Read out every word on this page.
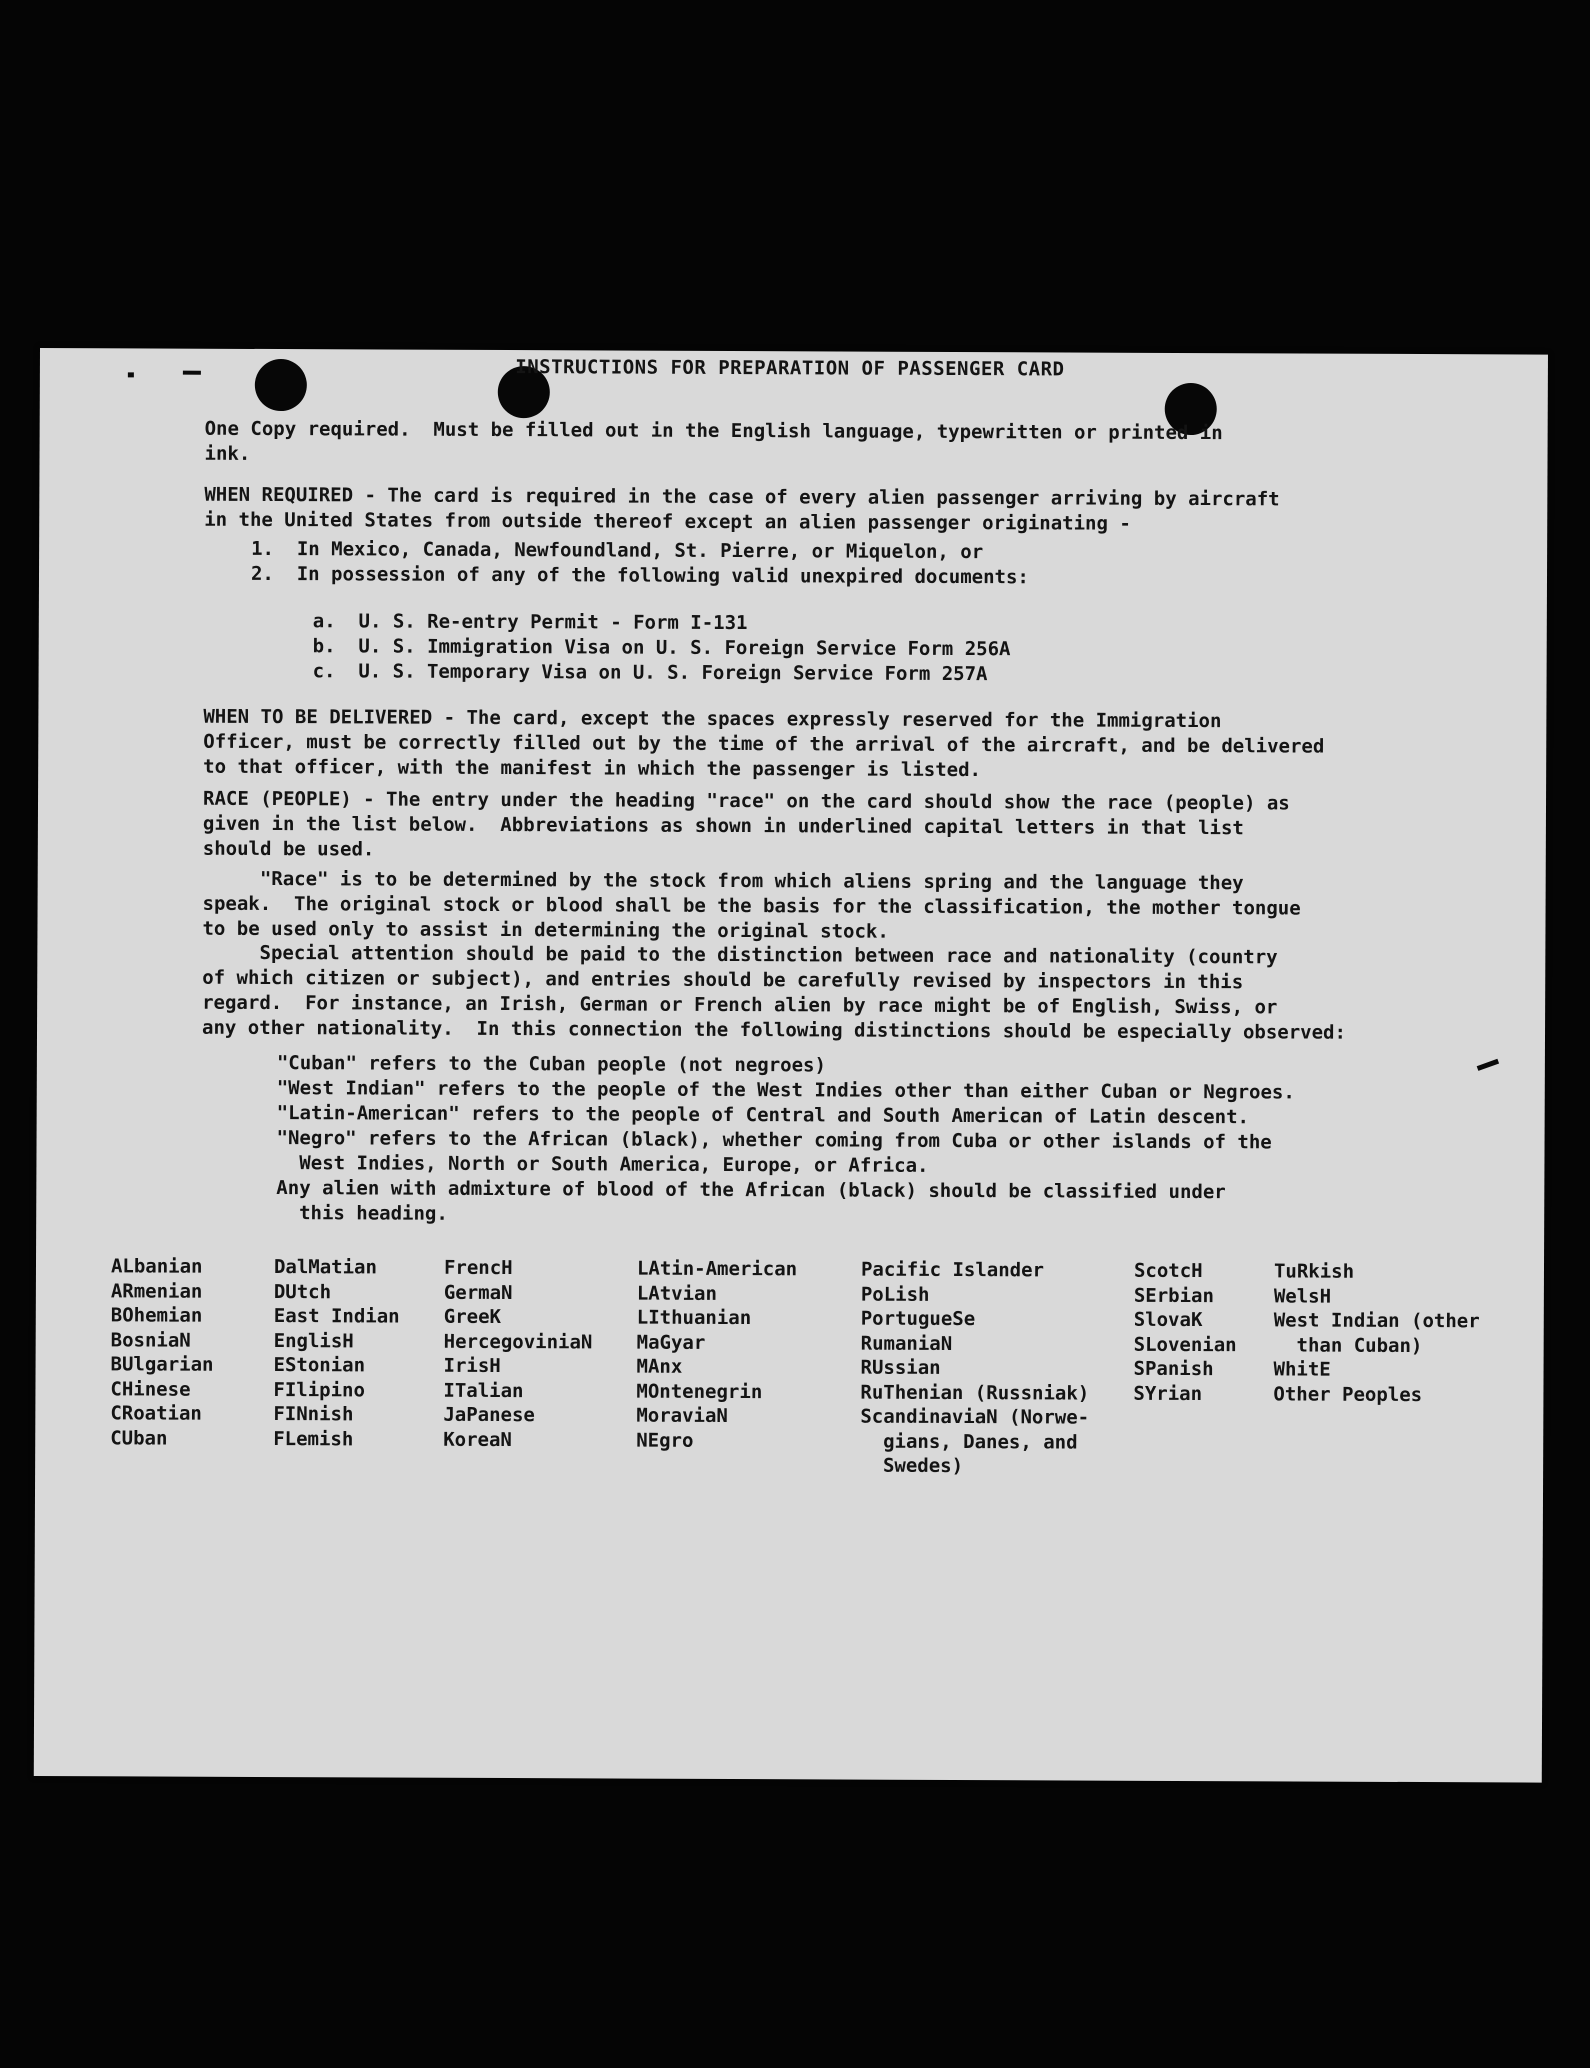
INSTRUCTIONS FOR PREPARATION OF PASSENGER CARD
One Copy required.  Must be filled out in the English language, typewritten or printed in
ink.
WHEN REQUIRED - The card is required in the case of every alien passenger arriving by aircraft
in the United States from outside thereof except an alien passenger originating -
1.  In Mexico, Canada, Newfoundland, St. Pierre, or Miquelon, or
2.  In possession of any of the following valid unexpired documents:
a.  U. S. Re-entry Permit - Form I-131
b.  U. S. Immigration Visa on U. S. Foreign Service Form 256A
c.  U. S. Temporary Visa on U. S. Foreign Service Form 257A
WHEN TO BE DELIVERED - The card, except the spaces expressly reserved for the Immigration
Officer, must be correctly filled out by the time of the arrival of the aircraft, and be delivered
to that officer, with the manifest in which the passenger is listed.
RACE (PEOPLE) - The entry under the heading "race" on the card should show the race (people) as
given in the list below.  Abbreviations as shown in underlined capital letters in that list
should be used.
"Race" is to be determined by the stock from which aliens spring and the language they
speak.  The original stock or blood shall be the basis for the classification, the mother tongue
to be used only to assist in determining the original stock.
Special attention should be paid to the distinction between race and nationality (country
of which citizen or subject), and entries should be carefully revised by inspectors in this
regard.  For instance, an Irish, German or French alien by race might be of English, Swiss, or
any other nationality.  In this connection the following distinctions should be especially observed:
"Cuban" refers to the Cuban people (not negroes)
"West Indian" refers to the people of the West Indies other than either Cuban or Negroes.
"Latin-American" refers to the people of Central and South American of Latin descent.
"Negro" refers to the African (black), whether coming from Cuba or other islands of the
West Indies, North or South America, Europe, or Africa.
Any alien with admixture of blood of the African (black) should be classified under
this heading.
ALbanian
ARmenian
BOhemian
BosniaN
BUlgarian
CHinese
CRoatian
CUban
DalMatian
DUtch
East Indian
EnglisH
EStonian
FIlipino
FINnish
FLemish
FrencH
GermaN
GreeK
HercegoviniaN
IrisH
ITalian
JaPanese
KoreaN
LAtin-American
LAtvian
LIthuanian
MaGyar
MAnx
MOntenegrin
MoraviaN
NEgro
Pacific Islander
PoLish
PortugueSe
RumaniaN
RUssian
RuThenian (Russniak)
ScandinaviaN (Norwe-
gians, Danes, and
Swedes)
ScotcH
SErbian
SlovaK
SLovenian
SPanish
SYrian
TuRkish
WelsH
West Indian (other
than Cuban)
WhitE
Other Peoples
